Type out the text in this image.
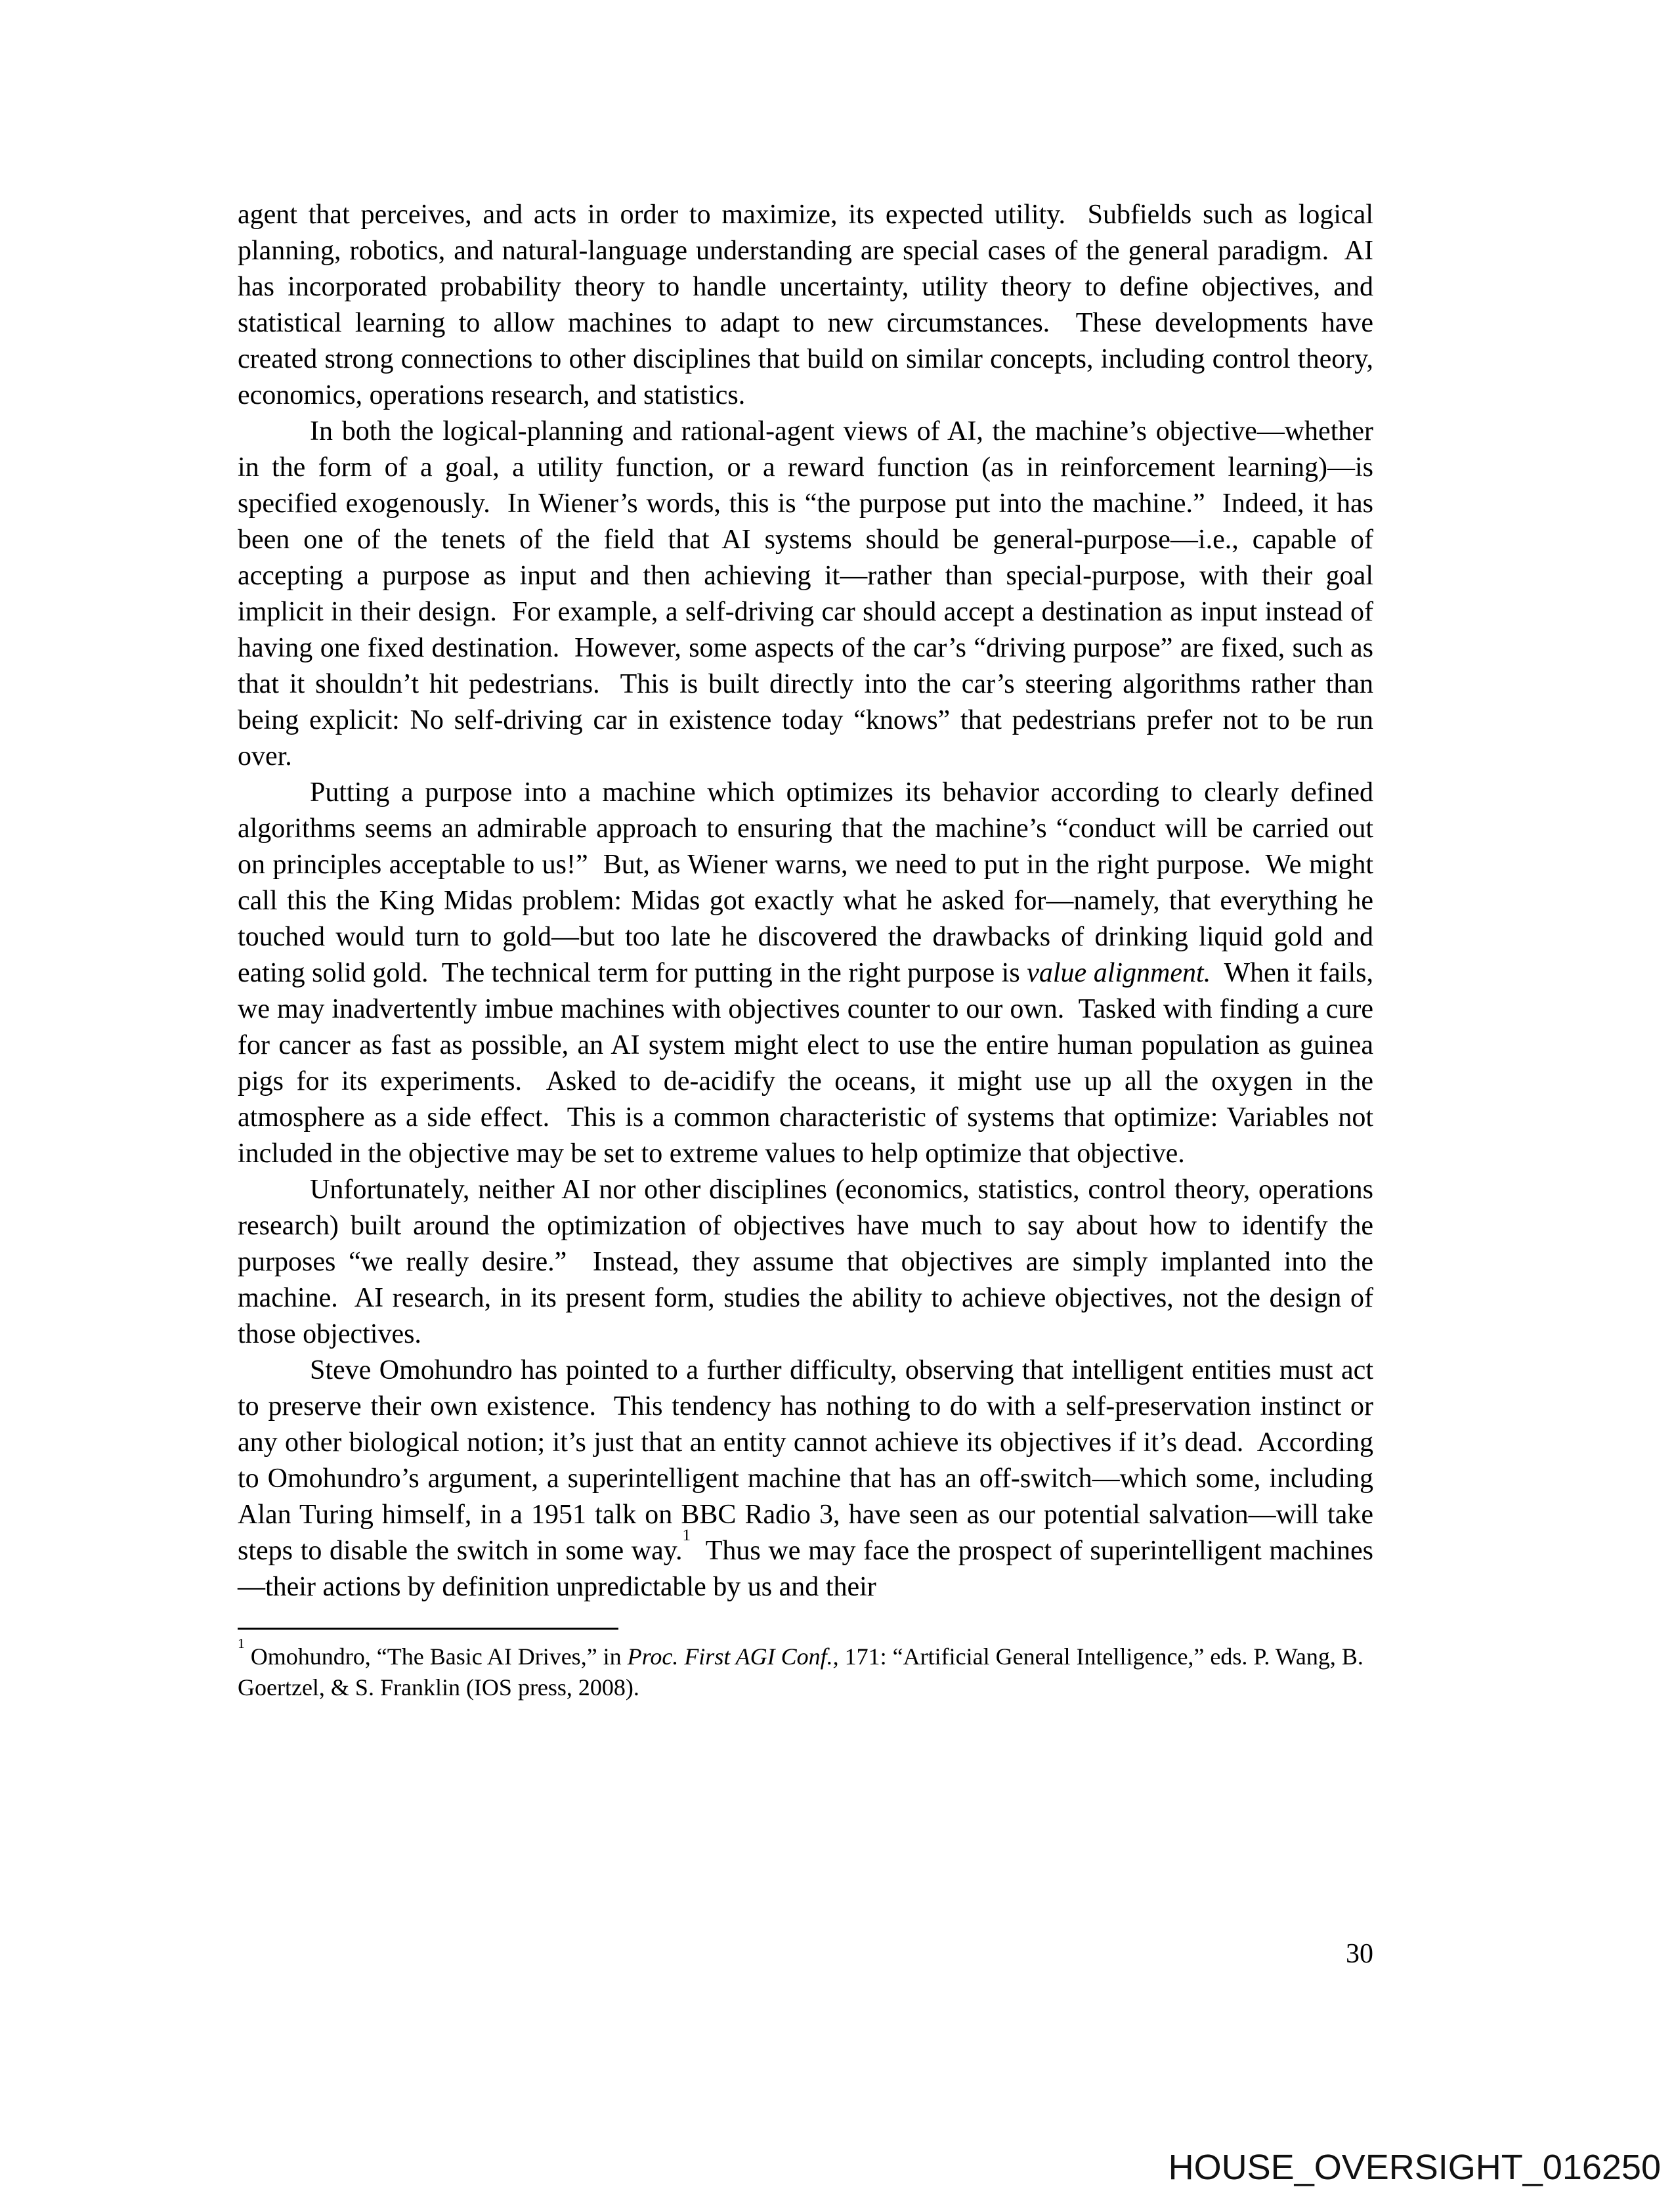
agent that perceives, and acts in order to maximize, its expected utility.  Subfields such as logical planning, robotics, and natural-language understanding are special cases of the general paradigm.  AI has incorporated probability theory to handle uncertainty, utility theory to define objectives, and statistical learning to allow machines to adapt to new circumstances.  These developments have created strong connections to other disciplines that build on similar concepts, including control theory, economics, operations research, and statistics.

In both the logical-planning and rational-agent views of AI, the machine’s objective—whether in the form of a goal, a utility function, or a reward function (as in reinforcement learning)—is specified exogenously.  In Wiener’s words, this is “the purpose put into the machine.”  Indeed, it has been one of the tenets of the field that AI systems should be general-purpose—i.e., capable of accepting a purpose as input and then achieving it—rather than special-purpose, with their goal implicit in their design.  For example, a self-driving car should accept a destination as input instead of having one fixed destination.  However, some aspects of the car’s “driving purpose” are fixed, such as that it shouldn’t hit pedestrians.  This is built directly into the car’s steering algorithms rather than being explicit: No self-driving car in existence today “knows” that pedestrians prefer not to be run over.

Putting a purpose into a machine which optimizes its behavior according to clearly defined algorithms seems an admirable approach to ensuring that the machine’s “conduct will be carried out on principles acceptable to us!”  But, as Wiener warns, we need to put in the right purpose.  We might call this the King Midas problem: Midas got exactly what he asked for—namely, that everything he touched would turn to gold—but too late he discovered the drawbacks of drinking liquid gold and eating solid gold.  The technical term for putting in the right purpose is value alignment.  When it fails, we may inadvertently imbue machines with objectives counter to our own.  Tasked with finding a cure for cancer as fast as possible, an AI system might elect to use the entire human population as guinea pigs for its experiments.  Asked to de-acidify the oceans, it might use up all the oxygen in the atmosphere as a side effect.  This is a common characteristic of systems that optimize: Variables not included in the objective may be set to extreme values to help optimize that objective.

Unfortunately, neither AI nor other disciplines (economics, statistics, control theory, operations research) built around the optimization of objectives have much to say about how to identify the purposes “we really desire.”  Instead, they assume that objectives are simply implanted into the machine.  AI research, in its present form, studies the ability to achieve objectives, not the design of those objectives.

Steve Omohundro has pointed to a further difficulty, observing that intelligent entities must act to preserve their own existence.  This tendency has nothing to do with a self-preservation instinct or any other biological notion; it’s just that an entity cannot achieve its objectives if it’s dead.  According to Omohundro’s argument, a superintelligent machine that has an off-switch—which some, including Alan Turing himself, in a 1951 talk on BBC Radio 3, have seen as our potential salvation—will take steps to disable the switch in some way.$^1$  Thus we may face the prospect of superintelligent machines—their actions by definition unpredictable by us and their

$^1$ Omohundro, “The Basic AI Drives,” in Proc. First AGI Conf., 171: “Artificial General Intelligence,” eds. P. Wang, B. Goertzel, & S. Franklin (IOS press, 2008).

30
HOUSE_OVERSIGHT_016250
